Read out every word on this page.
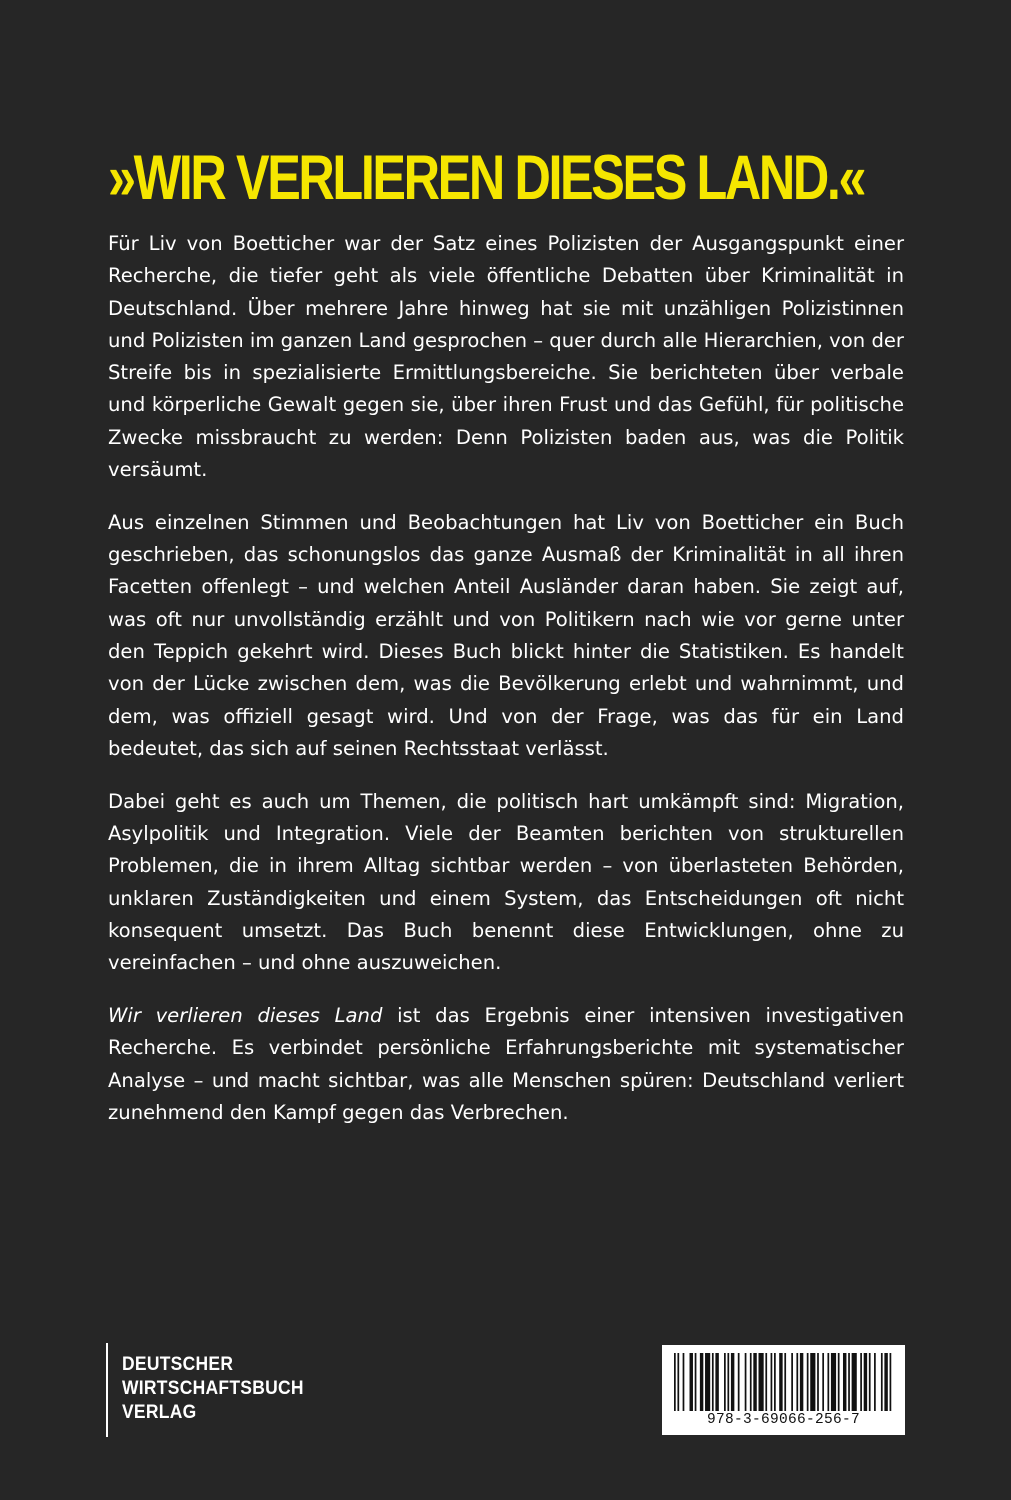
»WIR VERLIEREN DIESES LAND.«

Für Liv von Boetticher war der Satz eines Polizisten der Ausgangspunkt einer Recherche, die tiefer geht als viele öffentliche Debatten über Kriminalität in Deutschland. Über mehrere Jahre hinweg hat sie mit unzähligen Polizistinnen und Polizisten im ganzen Land gesprochen – quer durch alle Hierarchien, von der Streife bis in spezialisierte Ermittlungsbereiche. Sie berichteten über verbale und körperliche Gewalt gegen sie, über ihren Frust und das Gefühl, für politische Zwecke missbraucht zu werden: Denn Polizisten baden aus, was die Politik versäumt.

Aus einzelnen Stimmen und Beobachtungen hat Liv von Boetticher ein Buch geschrieben, das schonungslos das ganze Ausmaß der Kriminalität in all ihren Facetten offenlegt – und welchen Anteil Ausländer daran haben. Sie zeigt auf, was oft nur unvollständig erzählt und von Politikern nach wie vor gerne unter den Teppich gekehrt wird. Dieses Buch blickt hinter die Statistiken. Es handelt von der Lücke zwischen dem, was die Bevölkerung erlebt und wahrnimmt, und dem, was offiziell gesagt wird. Und von der Frage, was das für ein Land bedeutet, das sich auf seinen Rechtsstaat verlässt.

Dabei geht es auch um Themen, die politisch hart umkämpft sind: Migration, Asylpolitik und Integration. Viele der Beamten berichten von strukturellen Problemen, die in ihrem Alltag sichtbar werden – von überlasteten Behörden, unklaren Zuständigkeiten und einem System, das Entscheidungen oft nicht konsequent umsetzt. Das Buch benennt diese Entwicklungen, ohne zu vereinfachen – und ohne auszuweichen.

Wir verlieren dieses Land ist das Ergebnis einer intensiven investigativen Recherche. Es verbindet persönliche Erfahrungsberichte mit systematischer Analyse – und macht sichtbar, was alle Menschen spüren: Deutschland verliert zunehmend den Kampf gegen das Verbrechen.

DEUTSCHER
WIRTSCHAFTSBUCH
VERLAG	978-3-69066-256-7
